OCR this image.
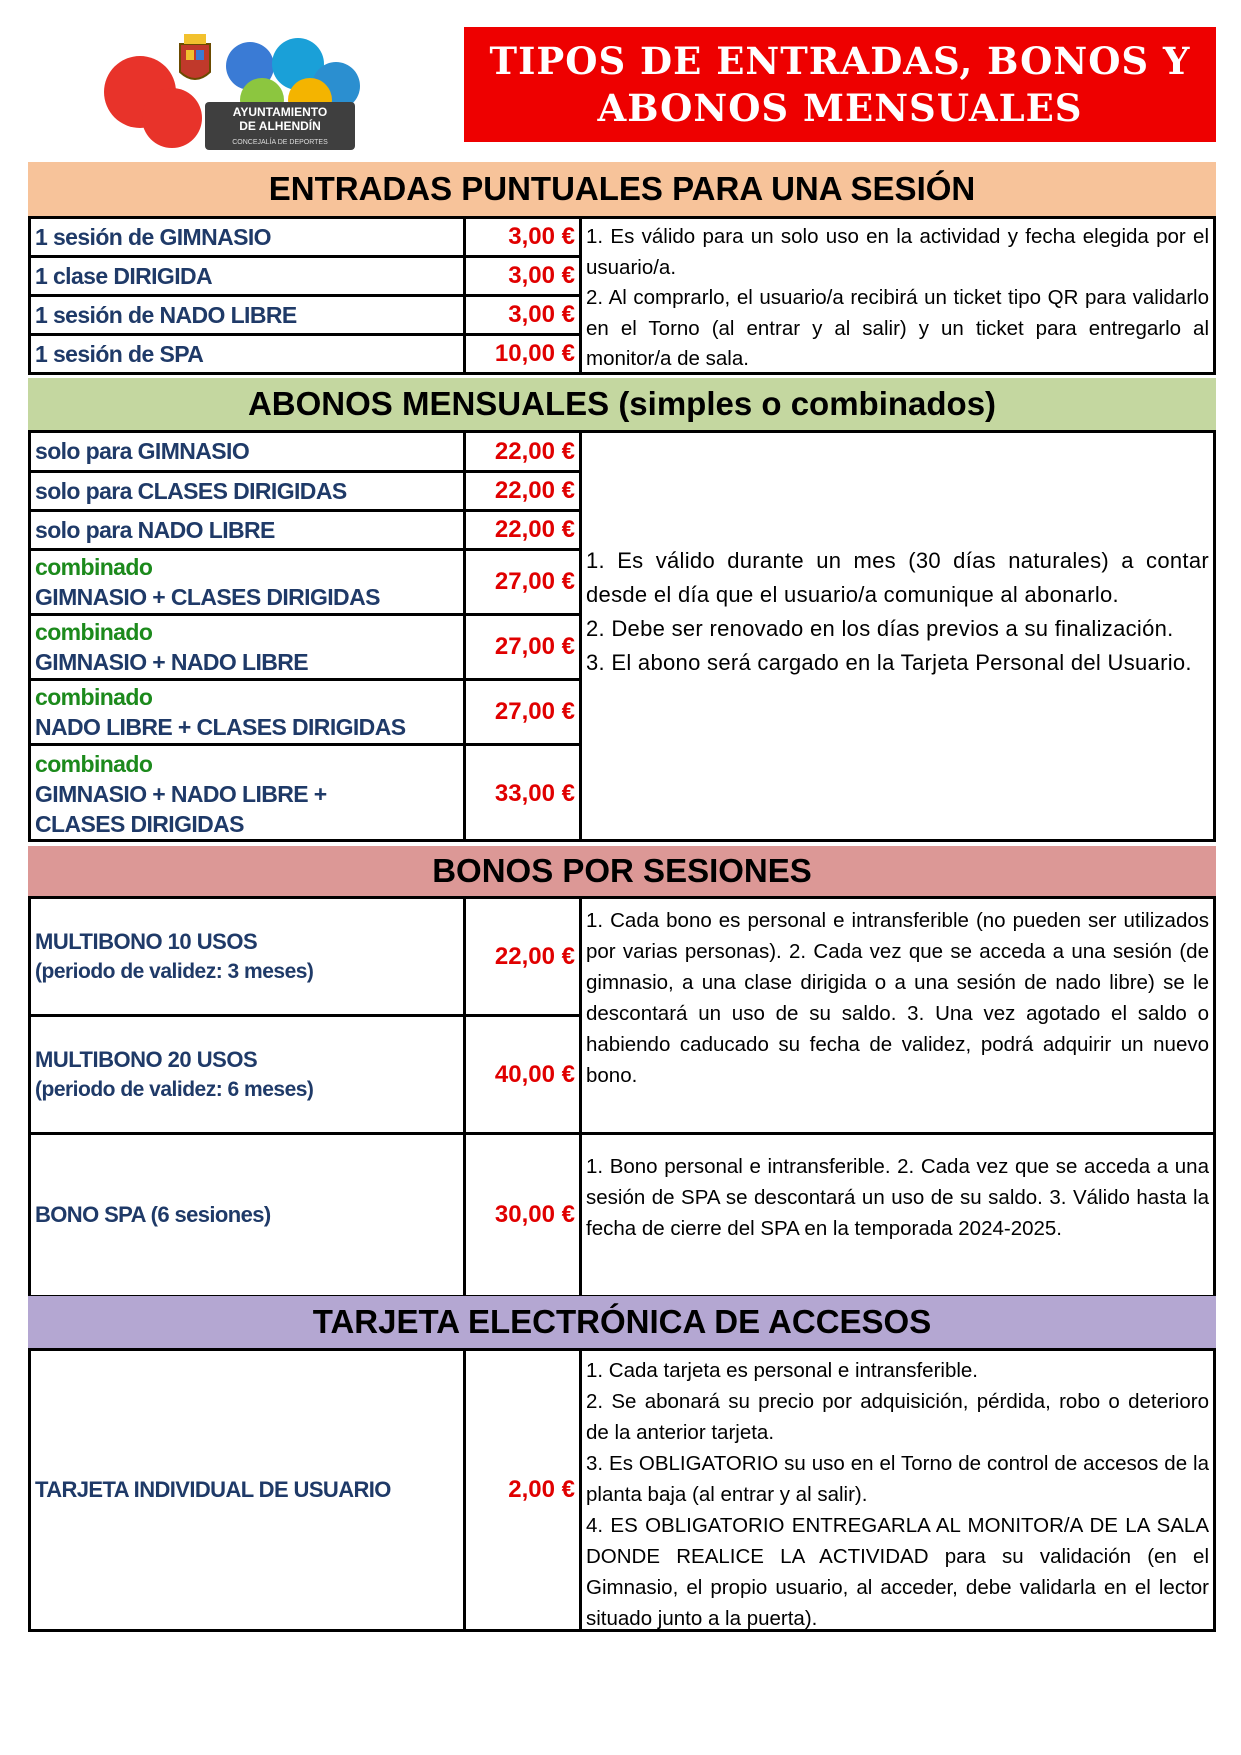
AYUNTAMIENTO
DE ALHENDÍN
CONCEJALÍA DE DEPORTES
TIPOS DE ENTRADAS, BONOS Y
ABONOS MENSUALES
ENTRADAS PUNTUALES PARA UNA SESIÓN
1 sesión de GIMNASIO
1 clase DIRIGIDA
1 sesión de NADO LIBRE
1 sesión de SPA
3,00 €
3,00 €
3,00 €
10,00 €
1. Es válido para un solo uso en la actividad y fecha elegida por el usuario/a.
2. Al comprarlo, el usuario/a recibirá un ticket tipo QR para validarlo en el Torno (al entrar y al salir) y un ticket para entregarlo al monitor/a de sala.
ABONOS MENSUALES (simples o combinados)
solo para GIMNASIO
solo para CLASES DIRIGIDAS
solo para NADO LIBRE
combinado
GIMNASIO + CLASES DIRIGIDAS
combinado
GIMNASIO + NADO LIBRE
combinado
NADO LIBRE + CLASES DIRIGIDAS
combinado
GIMNASIO + NADO LIBRE +
CLASES DIRIGIDAS
22,00 €
22,00 €
22,00 €
27,00 €
27,00 €
27,00 €
33,00 €
1. Es válido durante un mes (30 días naturales) a contar desde el día que el usuario/a comunique al abonarlo.
2. Debe ser renovado en los días previos a su finalización.
3. El abono será cargado en la Tarjeta Personal del Usuario.
BONOS POR SESIONES
MULTIBONO 10 USOS
(periodo de validez: 3 meses)
MULTIBONO 20 USOS
(periodo de validez: 6 meses)
BONO SPA (6 sesiones)
22,00 €
40,00 €
30,00 €
1. Cada bono es personal e intransferible (no pueden ser utilizados por varias personas). 2. Cada vez que se acceda a una sesión (de gimnasio, a una clase dirigida o a una sesión de nado libre) se le descontará un uso de su saldo. 3. Una vez agotado el saldo o habiendo caducado su fecha de validez, podrá adquirir un nuevo bono.
1. Bono personal e intransferible. 2. Cada vez que se acceda a una sesión de SPA se descontará un uso de su saldo. 3. Válido hasta la fecha de cierre del SPA en la temporada 2024-2025.
TARJETA ELECTRÓNICA DE ACCESOS
TARJETA INDIVIDUAL DE USUARIO	2,00 €
1. Cada tarjeta es personal e intransferible.
2. Se abonará su precio por adquisición, pérdida, robo o deterioro de la anterior tarjeta.
3. Es OBLIGATORIO su uso en el Torno de control de accesos de la planta baja (al entrar y al salir).
4. ES OBLIGATORIO ENTREGARLA AL MONITOR/A DE LA SALA DONDE REALICE LA ACTIVIDAD para su validación (en el Gimnasio, el propio usuario, al acceder, debe validarla en el lector situado junto a la puerta).
